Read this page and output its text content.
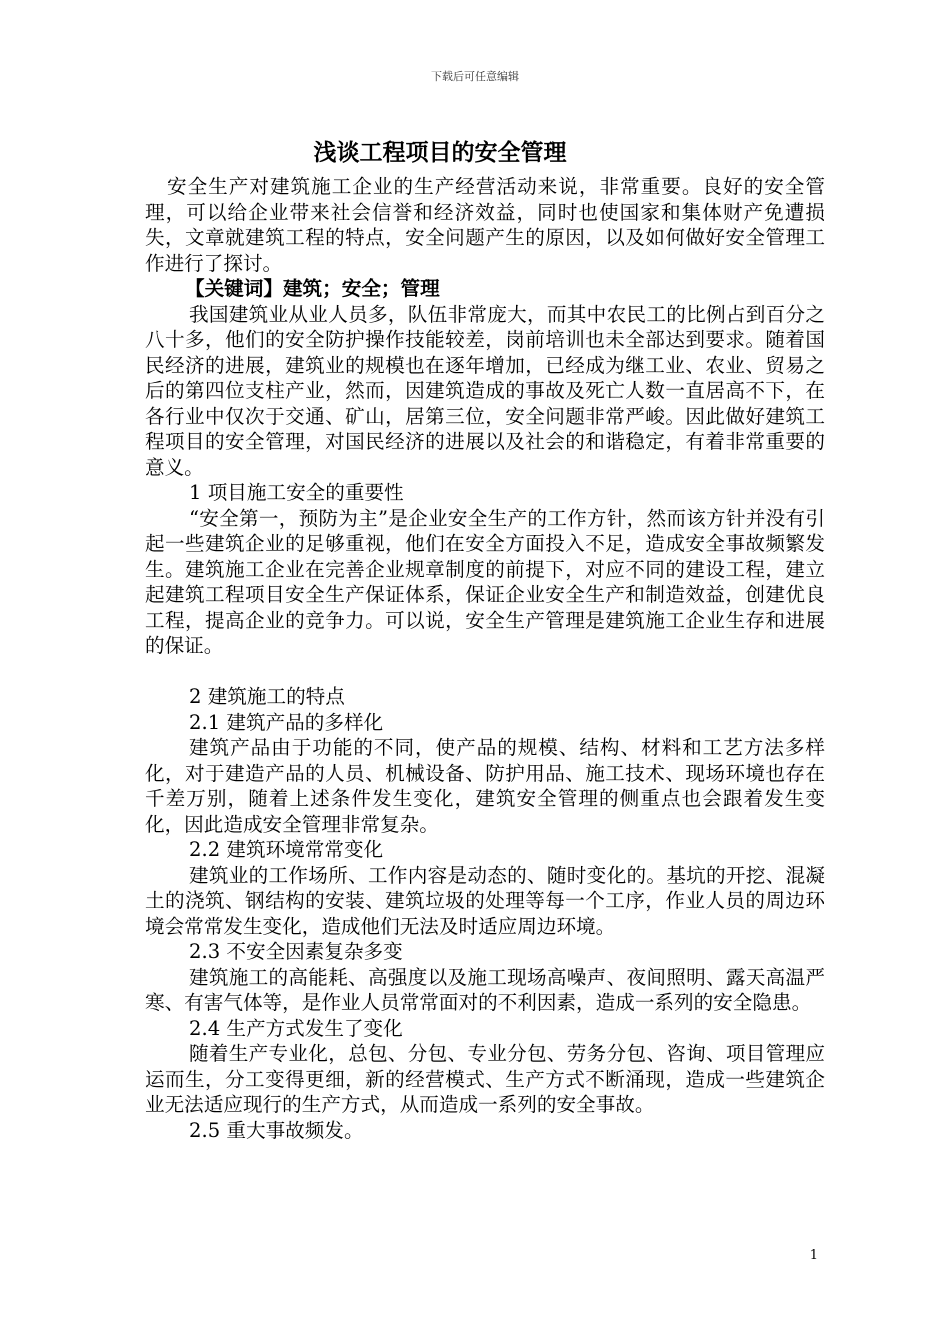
下载后可任意编辑
浅谈工程项目的安全管理

安全生产对建筑施工企业的生产经营活动来说，非常重要。良好的安全管理，可以给企业带来社会信誉和经济效益，同时也使国家和集体财产免遭损失，文章就建筑工程的特点，安全问题产生的原因，以及如何做好安全管理工作进行了探讨。

【关键词】建筑；安全；管理

我国建筑业从业人员多，队伍非常庞大，而其中农民工的比例占到百分之八十多，他们的安全防护操作技能较差，岗前培训也未全部达到要求。随着国民经济的进展，建筑业的规模也在逐年增加，已经成为继工业、农业、贸易之后的第四位支柱产业，然而，因建筑造成的事故及死亡人数一直居高不下，在各行业中仅次于交通、矿山，居第三位，安全问题非常严峻。因此做好建筑工程项目的安全管理，对国民经济的进展以及社会的和谐稳定，有着非常重要的意义。

1 项目施工安全的重要性

“安全第一，预防为主”是企业安全生产的工作方针，然而该方针并没有引起一些建筑企业的足够重视，他们在安全方面投入不足，造成安全事故频繁发生。建筑施工企业在完善企业规章制度的前提下，对应不同的建设工程，建立起建筑工程项目安全生产保证体系，保证企业安全生产和制造效益，创建优良工程，提高企业的竞争力。可以说，安全生产管理是建筑施工企业生存和进展的保证。

2 建筑施工的特点

2.1 建筑产品的多样化

建筑产品由于功能的不同，使产品的规模、结构、材料和工艺方法多样化，对于建造产品的人员、机械设备、防护用品、施工技术、现场环境也存在千差万别，随着上述条件发生变化，建筑安全管理的侧重点也会跟着发生变化，因此造成安全管理非常复杂。

2.2 建筑环境常常变化

建筑业的工作场所、工作内容是动态的、随时变化的。基坑的开挖、混凝土的浇筑、钢结构的安装、建筑垃圾的处理等每一个工序，作业人员的周边环境会常常发生变化，造成他们无法及时适应周边环境。

2.3 不安全因素复杂多变

建筑施工的高能耗、高强度以及施工现场高噪声、夜间照明、露天高温严寒、有害气体等，是作业人员常常面对的不利因素，造成一系列的安全隐患。

2.4 生产方式发生了变化

随着生产专业化，总包、分包、专业分包、劳务分包、咨询、项目管理应运而生，分工变得更细，新的经营模式、生产方式不断涌现，造成一些建筑企业无法适应现行的生产方式，从而造成一系列的安全事故。

2.5 重大事故频发。

1
